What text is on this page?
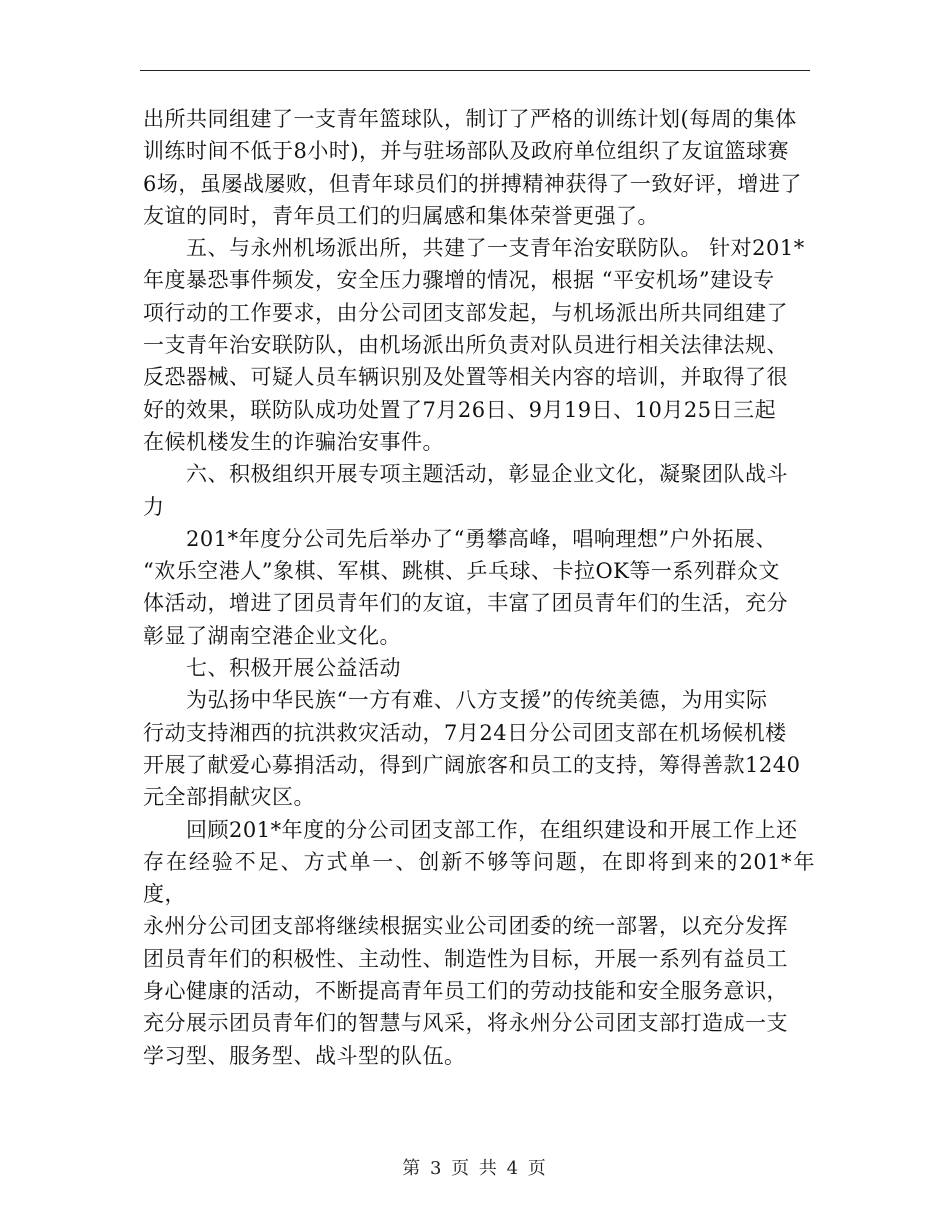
出所共同组建了一支青年篮球队，制订了严格的训练计划(每周的集体
训练时间不低于8小时)，并与驻场部队及政府单位组织了友谊篮球赛
6场，虽屡战屡败，但青年球员们的拼搏精神获得了一致好评，增进了
友谊的同时，青年员工们的归属感和集体荣誉更强了。

　　五、与永州机场派出所，共建了一支青年治安联防队。 针对201*
年度暴恐事件频发，安全压力骤增的情况，根据 “平安机场”建设专
项行动的工作要求，由分公司团支部发起，与机场派出所共同组建了
一支青年治安联防队，由机场派出所负责对队员进行相关法律法规、
反恐器械、可疑人员车辆识别及处置等相关内容的培训，并取得了很
好的效果，联防队成功处置了7月26日、9月19日、10月25日三起
在候机楼发生的诈骗治安事件。

　　六、积极组织开展专项主题活动，彰显企业文化，凝聚团队战斗
力

　　201*年度分公司先后举办了“勇攀高峰，唱响理想”户外拓展、
“欢乐空港人”象棋、军棋、跳棋、乒乓球、卡拉OK等一系列群众文
体活动，增进了团员青年们的友谊，丰富了团员青年们的生活，充分
彰显了湖南空港企业文化。

　　七、积极开展公益活动

　　为弘扬中华民族“一方有难、八方支援”的传统美德，为用实际
行动支持湘西的抗洪救灾活动，7月24日分公司团支部在机场候机楼
开展了献爱心募捐活动，得到广阔旅客和员工的支持，筹得善款1240
元全部捐献灾区。

　　回顾201*年度的分公司团支部工作，在组织建设和开展工作上还
存在经验不足、方式单一、创新不够等问题，在即将到来的201*年度，
永州分公司团支部将继续根据实业公司团委的统一部署，以充分发挥
团员青年们的积极性、主动性、制造性为目标，开展一系列有益员工
身心健康的活动，不断提高青年员工们的劳动技能和安全服务意识，
充分展示团员青年们的智慧与风采，将永州分公司团支部打造成一支
学习型、服务型、战斗型的队伍。

第 3 页 共 4 页
